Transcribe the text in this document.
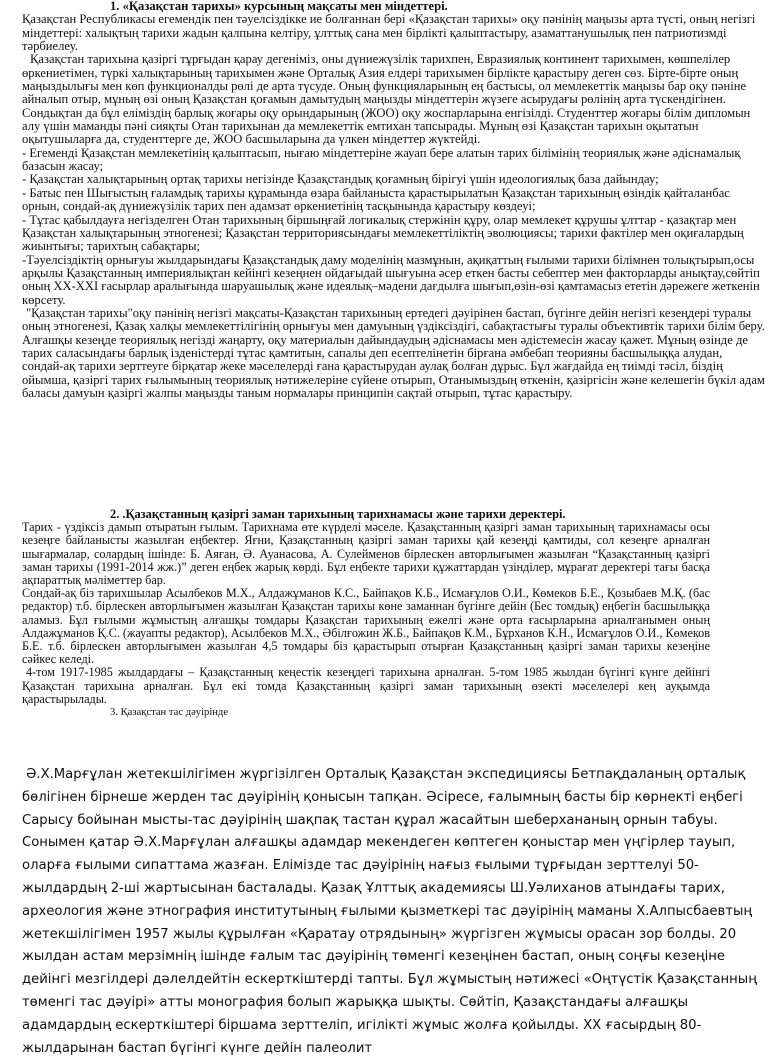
1. «Қазақстан тарихы» курсының мақсаты мен міндеттері.

Қазақстан Республикасы егемендік пен тәуелсіздікке ие болғаннан бері «Қазақстан тарихы» оқу пәнінің маңызы арта түсті, оның негізгі міндеттері: халықтың тарихи жадын қалпына келтіру, ұлттық сана мен бірлікті қалыптастыру, азаматтанушылық пен патриотизмді тәрбиелеу.

Қазақстан тарихына қазіргі тұрғыдан қарау дегеніміз, оны дүниежүзілік тарихпен, Евразиялық континент тарихымен, көшпелілер өркениетімен, түркі халықтарының тарихымен және Орталық Азия елдері тарихымен бірлікте қарастыру деген сөз. Бірте-бірте оның маңыздылығы мен көп функционалды рөлі де арта түсуде. Оның функцияларының ең бастысы, ол мемлекеттік маңызы бар оқу пәніне айналып отыр, мұның өзі оның Қазақстан қоғамын дамытудың маңызды міндеттерін жүзеге асырудағы рөлінің арта түскендігінен. Сондықтан да бұл еліміздің барлық жоғары оқу орындарының (ЖОО) оқу жоспарларына енгізілді. Студенттер жоғары білім дипломын алу үшін маманды пәні сияқты Отан тарихынан да мемлекеттік емтихан тапсырады. Мұның өзі Қазақстан тарихын оқытатын оқытушыларға да, студенттерге де, ЖОО басшыларына да үлкен міндеттер жүктейді.

- Егеменді Қазақстан мемлекетінің қалыптасып, нығаю міндеттеріне жауап бере алатын тарих білімінің теориялық және әдіснамалық базасын жасау;

- Қазақстан халықтарының ортақ тарихы негізінде Қазақстандық қоғамның бірігуі үшін идеологиялық база дайындау;

- Батыс пен Шығыстың ғаламдық тарихы құрамында өзара байланыста қарастырылатын Қазақстан тарихының өзіндік қайталанбас орнын, сондай-ақ дүниежүзілік тарих пен адамзат өркениетінің тасқынында қарастыру көздеуі;

- Тұтас қабылдауға негізделген Отан тарихының біршыңғай логикалық стержінін құру, олар мемлекет құрушы ұлттар - қазақтар мен Қазақстан халықтарының этногенезі; Қазақстан территориясындағы мемлекеттіліктің эволюциясы; тарихи фактілер мен оқиғалардың жиынтығы; тарихтың сабақтары;

-Тәуелсіздіктің орнығуы жылдарындағы Қазақстандық даму моделінің мазмұнын, ақиқаттың ғылыми тарихи білімнен толықтырып,осы арқылы Қазақстанның империялықтан кейінгі кезеңнен ойдағыдай шығуына әсер еткен басты себептер мен факторларды анықтау,сөйтіп оның XX-XXI ғасырлар аралығында шаруашылық және идеялық–мәдени дағдылға шығып,өзін-өзі қамтамасыз ететін дәрежеге жеткенін көрсету.

"Қазақстан тарихы"оқу пәнінің негізгі мақсаты-Қазақстан тарихының ертедегі дәуірінен бастап, бүгінге дейін негізгі кезеңдері туралы оның этногенезі, Қазақ халқы мемлекеттілігінің орнығуы мен дамуының үздіксіздігі, сабақтастығы туралы объективтік тарихи білім беру.

Алғашқы кезеңде теориялық негізді жаңарту, оқу материалын дайындаудың әдіснамасы мен әдістемесін жасау қажет. Мұның өзінде де тарих саласындағы барлық ізденістерді тұтас қамтитын, сапалы деп есептелінетін бірғана әмбебап теорияны басшылыққа алудан, сондай-ақ тарихи зерттеуге бірқатар жеке мәселелерді ғана қарастырудан аулақ болған дұрыс. Бұл жағдайда ең тиімді тәсіл, біздің ойымша, қазіргі тарих ғылымының теориялық нәтижелеріне сүйене отырып, Отанымыздың өткенін, қазіргісін және келешегін бүкіл адам баласы дамуын қазіргі жалпы маңызды таным нормалары принципін сақтай отырып, тұтас қарастыру.

2. .Қазақстанның қазіргі заман тарихының тарихнамасы және тарихи деректері.

Тарих - үздіксіз дамып отыратын ғылым. Тарихнама өте күрделі мәселе. Қазақстанның қазіргі заман тарихының тарихнамасы осы кезеңге байланысты жазылған еңбектер. Яғни, Қазақстанның қазіргі заман тарихы қай кезеңді қамтиды, сол кезеңге арналған шығармалар, солардың ішінде: Б. Аяған, Ә. Ауанасова, А. Сулейменов бірлескен авторлығымен жазылған “Қазақстанның қазіргі заман тарихы (1991-2014 жж.)” деген еңбек жарық көрді. Бұл еңбекте тарихи құжаттардан үзінділер, мұрағат деректері тағы басқа ақпараттық мәліметтер бар.

Сондай-ақ біз тарихшылар Асылбеков М.Х., Алдажұманов К.С., Байпақов К.Б., Исмағұлов О.И., Көмеков Б.Е., Қозыбаев М.Қ. (бас редактор) т.б. бірлескен авторлығымен жазылған Қазақстан тарихы көне заманнан бүгінге дейін (Бес томдық) еңбегін басшылыққа аламыз. Бұл ғылыми жұмыстың алғашқы томдары Қазақстан тарихының ежелгі және орта ғасырларына арналғанымен оның Алдажұманов Қ.С. (жауапты редактор), Асылбеков М.Х., Әбілғожин Ж.Б., Байпақов К.М., Бұрханов К.Н., Исмағұлов О.И., Көмеков Б.Е. т.б. бірлескен авторлығымен жазылған 4,5 томдары біз қарастырып отырған Қазақстанның қазіргі заман тарихы кезеңіне сәйкес келеді.

4-том 1917-1985 жылдардағы – Қазақстанның кеңестік кезеңдегі тарихына арналған. 5-том 1985 жылдан бүгінгі күнге дейінгі Қазақстан тарихына арналған. Бұл екі томда Қазақстанның қазіргі заман тарихының өзекті мәселелері кең ауқымда қарастырылады.

3. Қазақстан тас дәуірінде

Ә.Х.Марғұлан жетекшілігімен жүргізілген Орталық Қазақстан экспедициясы Бетпақдаланың орталық бөлігінен бірнеше жерден тас дәуірінің қонысын тапқан. Әсіресе, ғалымның басты бір көрнекті еңбегі Сарысу бойынан мысты-тас дәуірінің шақпақ тастан құрал жасайтын шеберхананың орнын табуы. Сонымен қатар Ә.Х.Марғұлан алғашқы адамдар мекендеген көптеген қоныстар мен үңгірлер тауып, оларға ғылыми сипаттама жазған. Елімізде тас дәуірінің нағыз ғылыми тұрғыдан зерттелуі 50-жылдардың 2-ші жартысынан басталады. Қазақ Ұлттық академиясы Ш.Уәлиханов атындағы тарих, археология және этнография институтының ғылыми қызметкері тас дәуірінің маманы Х.Алпысбаевтың жетекшілігімен 1957 жылы құрылған «Қаратау отрядының» жүргізген жұмысы орасан зор болды. 20 жылдан астам мерзімнің ішінде ғалым тас дәуірінің төменгі кезеңінен бастап, оның соңғы кезеңіне дейінгі мезгілдері дәлелдейтін ескерткіштерді тапты. Бұл жұмыстың нәтижесі «Оңтүстік Қазақстанның төменгі тас дәуірі» атты монография болып жарыққа шықты. Сөйтіп, Қазақстандағы алғашқы адамдардың ескерткіштері біршама зерттеліп, игілікті жұмыс жолға қойылды. XX ғасырдың 80-жылдарынан бастап бүгінгі күнге дейін палеолит
